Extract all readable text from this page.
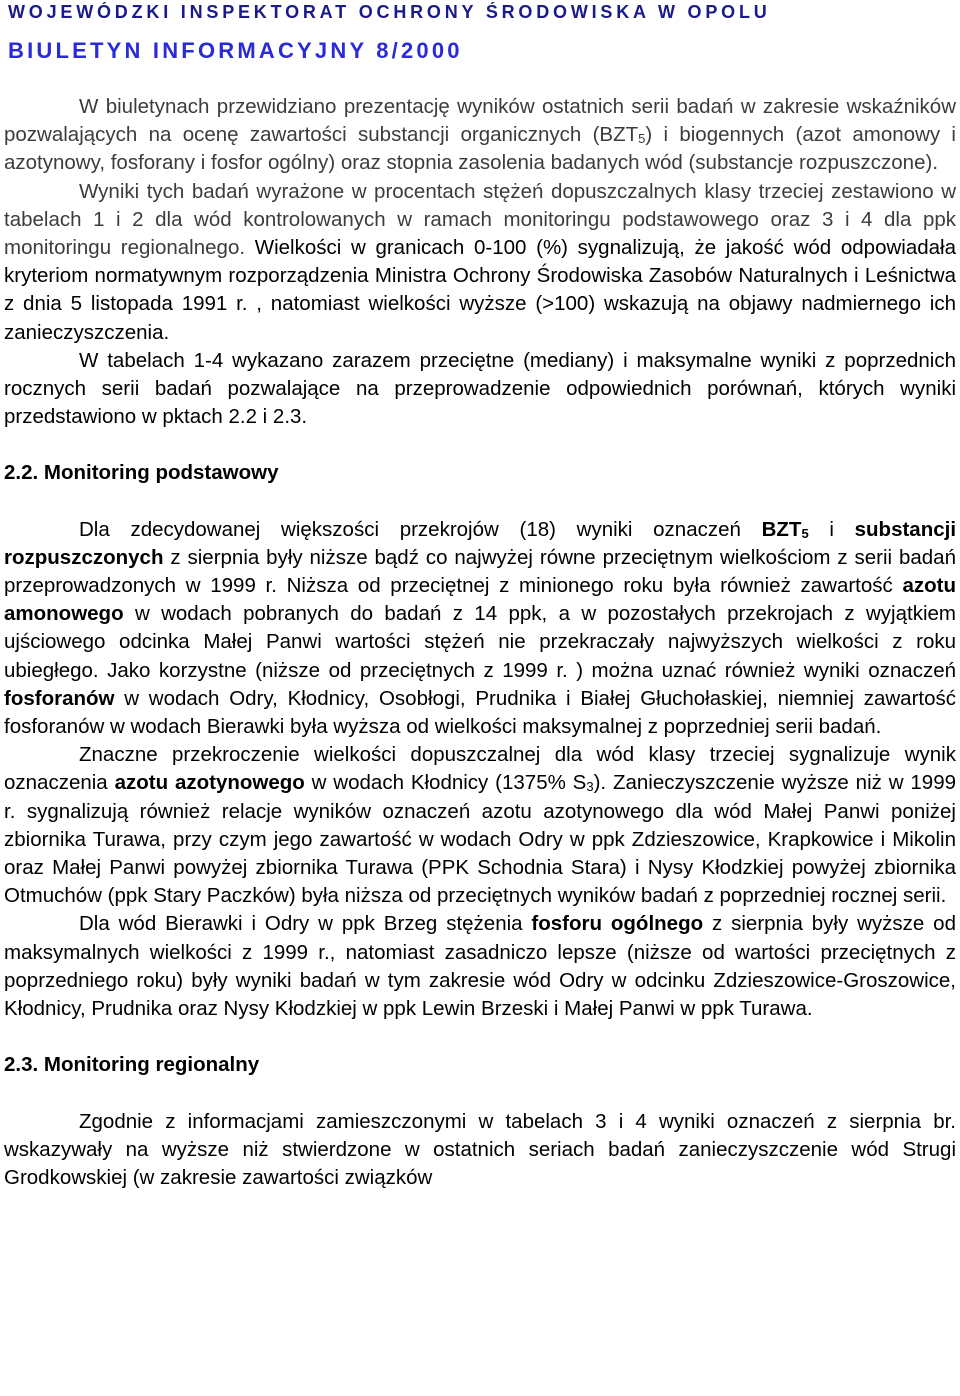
WOJEWÓDZKI INSPEKTORAT OCHRONY ŚRODOWISKA W OPOLU
BIULETYN INFORMACYJNY 8/2000

W biuletynach przewidziano prezentację wyników ostatnich serii badań w zakresie wskaźników pozwalających na ocenę zawartości substancji organicznych $(BZT_5)$ i biogennych (azot amonowy i azotynowy, fosforany i fosfor ogólny) oraz stopnia zasolenia badanych wód (substancje rozpuszczone).

Wyniki tych badań wyrażone w procentach stężeń dopuszczalnych klasy trzeciej zestawiono w tabelach 1 i 2 dla wód kontrolowanych w ramach monitoringu podstawowego oraz 3 i 4 dla ppk monitoringu regionalnego. Wielkości w granicach 0-100 (%) sygnalizują, że jakość wód odpowiadała kryteriom normatywnym rozporządzenia Ministra Ochrony Środowiska Zasobów Naturalnych i Leśnictwa z dnia 5 listopada 1991 r. , natomiast wielkości wyższe (>100) wskazują na objawy nadmiernego ich zanieczyszczenia.

W tabelach 1-4 wykazano zarazem przeciętne (mediany) i maksymalne wyniki z poprzednich rocznych serii badań pozwalające na przeprowadzenie odpowiednich porównań, których wyniki przedstawiono w pktach 2.2 i 2.3.

2.2. Monitoring podstawowy

Dla zdecydowanej większości przekrojów (18) wyniki oznaczeń $BZT_5$ i substancji rozpuszczonych z sierpnia były niższe bądź co najwyżej równe przeciętnym wielkościom z serii badań przeprowadzonych w 1999 r. Niższa od przeciętnej z minionego roku była również zawartość azotu amonowego w wodach pobranych do badań z 14 ppk, a w pozostałych przekrojach z wyjątkiem ujściowego odcinka Małej Panwi wartości stężeń nie przekraczały najwyższych wielkości z roku ubiegłego. Jako korzystne (niższe od przeciętnych z 1999 r. ) można uznać również wyniki oznaczeń fosforanów w wodach Odry, Kłodnicy, Osobłogi, Prudnika i Białej Głuchołaskiej, niemniej zawartość fosforanów w wodach Bierawki była wyższa od wielkości maksymalnej z poprzedniej serii badań.

Znaczne przekroczenie wielkości dopuszczalnej dla wód klasy trzeciej sygnalizuje wynik oznaczenia azotu azotynowego w wodach Kłodnicy (1375% $S_3$). Zanieczyszczenie wyższe niż w 1999 r. sygnalizują również relacje wyników oznaczeń azotu azotynowego dla wód Małej Panwi poniżej zbiornika Turawa, przy czym jego zawartość w wodach Odry w ppk Zdzieszowice, Krapkowice i Mikolin oraz Małej Panwi powyżej zbiornika Turawa (PPK Schodnia Stara) i Nysy Kłodzkiej powyżej zbiornika Otmuchów (ppk Stary Paczków) była niższa od przeciętnych wyników badań z poprzedniej rocznej serii.

Dla wód Bierawki i Odry w ppk Brzeg stężenia fosforu ogólnego z sierpnia były wyższe od maksymalnych wielkości z 1999 r., natomiast zasadniczo lepsze (niższe od wartości przeciętnych z poprzedniego roku) były wyniki badań w tym zakresie wód Odry w odcinku Zdzieszowice-Groszowice, Kłodnicy, Prudnika oraz Nysy Kłodzkiej w ppk Lewin Brzeski i Małej Panwi w ppk Turawa.

2.3. Monitoring regionalny

Zgodnie z informacjami zamieszczonymi w tabelach 3 i 4 wyniki oznaczeń z sierpnia br. wskazywały na wyższe niż stwierdzone w ostatnich seriach badań zanieczyszczenie wód Strugi Grodkowskiej (w zakresie zawartości związków
